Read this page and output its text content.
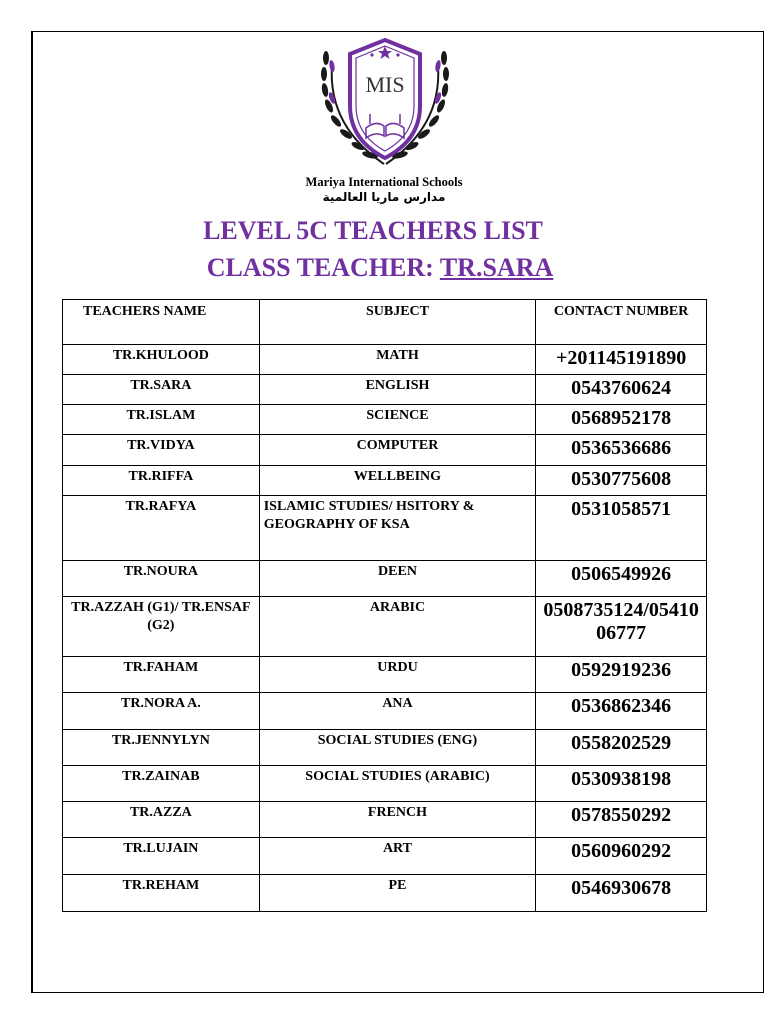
MIS
Mariya International Schools
مدارس ماريا العالمية
LEVEL 5C TEACHERS LIST
CLASS TEACHER: TR.SARA
TEACHERS NAME	SUBJECT	CONTACT NUMBER
TR.KHULOOD	MATH	+201145191890
TR.SARA	ENGLISH	0543760624
TR.ISLAM	SCIENCE	0568952178
TR.VIDYA	COMPUTER	0536536686
TR.RIFFA	WELLBEING	0530775608
TR.RAFYA	ISLAMIC STUDIES/ HSITORY & GEOGRAPHY OF KSA	0531058571
TR.NOURA	DEEN	0506549926
TR.AZZAH (G1)/ TR.ENSAF (G2)	ARABIC	0508735124/0541006777
TR.FAHAM	URDU	0592919236
TR.NORA A.	ANA	0536862346
TR.JENNYLYN	SOCIAL STUDIES (ENG)	0558202529
TR.ZAINAB	SOCIAL STUDIES (ARABIC)	0530938198
TR.AZZA	FRENCH	0578550292
TR.LUJAIN	ART	0560960292
TR.REHAM	PE	0546930678
